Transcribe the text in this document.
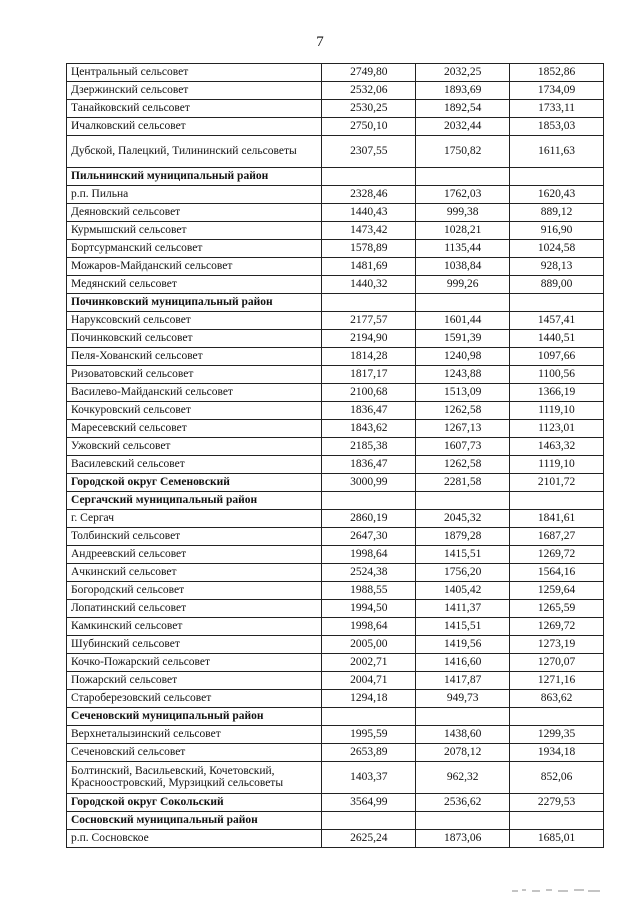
7
Центральный сельсовет	2749,80	2032,25	1852,86
Дзержинский сельсовет	2532,06	1893,69	1734,09
Танайковский сельсовет	2530,25	1892,54	1733,11
Ичалковский сельсовет	2750,10	2032,44	1853,03
Дубской, Палецкий, Тилининский сельсоветы	2307,55	1750,82	1611,63
Пильнинский муниципальный район			
р.п. Пильна	2328,46	1762,03	1620,43
Деяновский сельсовет	1440,43	999,38	889,12
Курмышский сельсовет	1473,42	1028,21	916,90
Бортсурманский сельсовет	1578,89	1135,44	1024,58
Можаров-Майданский сельсовет	1481,69	1038,84	928,13
Медянский сельсовет	1440,32	999,26	889,00
Починковский муниципальный район			
Наруксовский сельсовет	2177,57	1601,44	1457,41
Починковский сельсовет	2194,90	1591,39	1440,51
Пеля-Хованский сельсовет	1814,28	1240,98	1097,66
Ризоватовский сельсовет	1817,17	1243,88	1100,56
Василево-Майданский сельсовет	2100,68	1513,09	1366,19
Кочкуровский сельсовет	1836,47	1262,58	1119,10
Маресевский сельсовет	1843,62	1267,13	1123,01
Ужовский сельсовет	2185,38	1607,73	1463,32
Василевский сельсовет	1836,47	1262,58	1119,10
Городской округ Семеновский	3000,99	2281,58	2101,72
Сергачский муниципальный район			
г. Сергач	2860,19	2045,32	1841,61
Толбинский сельсовет	2647,30	1879,28	1687,27
Андреевский сельсовет	1998,64	1415,51	1269,72
Ачкинский сельсовет	2524,38	1756,20	1564,16
Богородский сельсовет	1988,55	1405,42	1259,64
Лопатинский сельсовет	1994,50	1411,37	1265,59
Камкинский сельсовет	1998,64	1415,51	1269,72
Шубинский сельсовет	2005,00	1419,56	1273,19
Кочко-Пожарский сельсовет	2002,71	1416,60	1270,07
Пожарский сельсовет	2004,71	1417,87	1271,16
Староберезовский сельсовет	1294,18	949,73	863,62
Сеченовский муниципальный район			
Верхнеталызинский сельсовет	1995,59	1438,60	1299,35
Сеченовский сельсовет	2653,89	2078,12	1934,18
Болтинский, Васильевский, Кочетовский, Красноостровский, Мурзицкий сельсоветы	1403,37	962,32	852,06
Городской округ Сокольский	3564,99	2536,62	2279,53
Сосновский муниципальный район			
р.п. Сосновское	2625,24	1873,06	1685,01
